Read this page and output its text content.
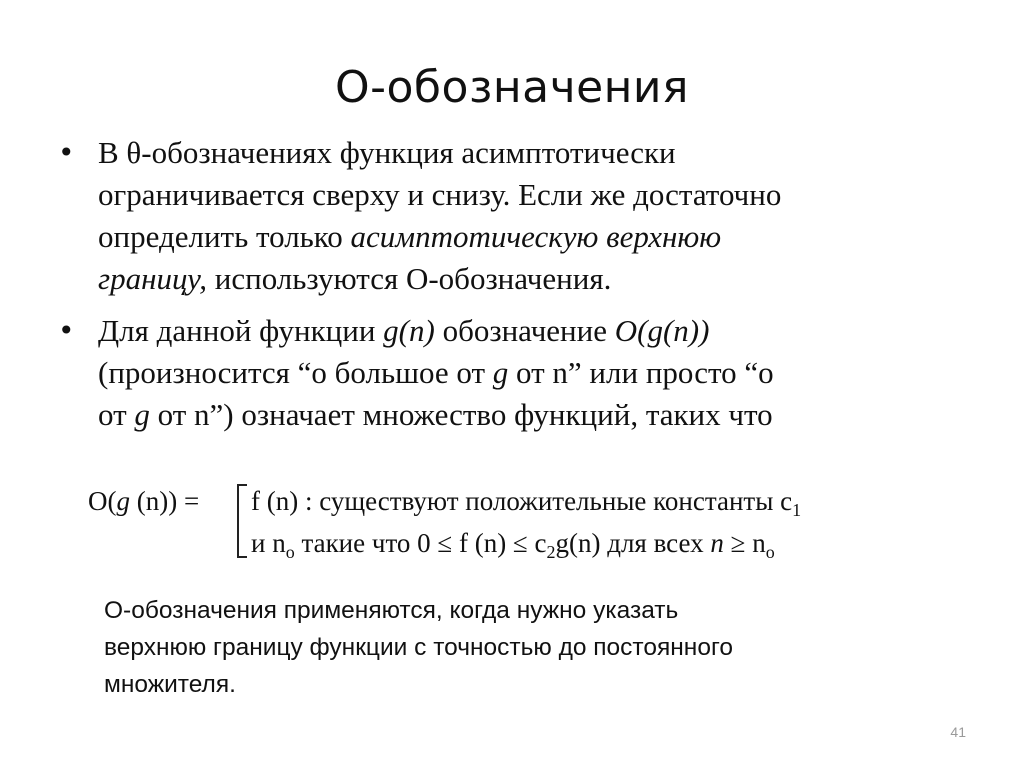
О-обозначения
• В θ-обозначениях функция асимптотически
ограничивается сверху и снизу. Если же достаточно
определить только асимптотическую верхнюю
границу, используются О-обозначения.
• Для данной функции g(n) обозначение O(g(n))
(произносится “о большое от g от n” или просто “о
от g от n”) означает множество функций, таких что
O(g (n)) = f (n) : существуют положительные константы $c_1$
и $n_o$ такие что 0 ≤ f $(n) \le c_2g(n)$ для всех $n \ge n_o$
О-обозначения применяются, когда нужно указать
верхнюю границу функции с точностью до постоянного
множителя.
41
